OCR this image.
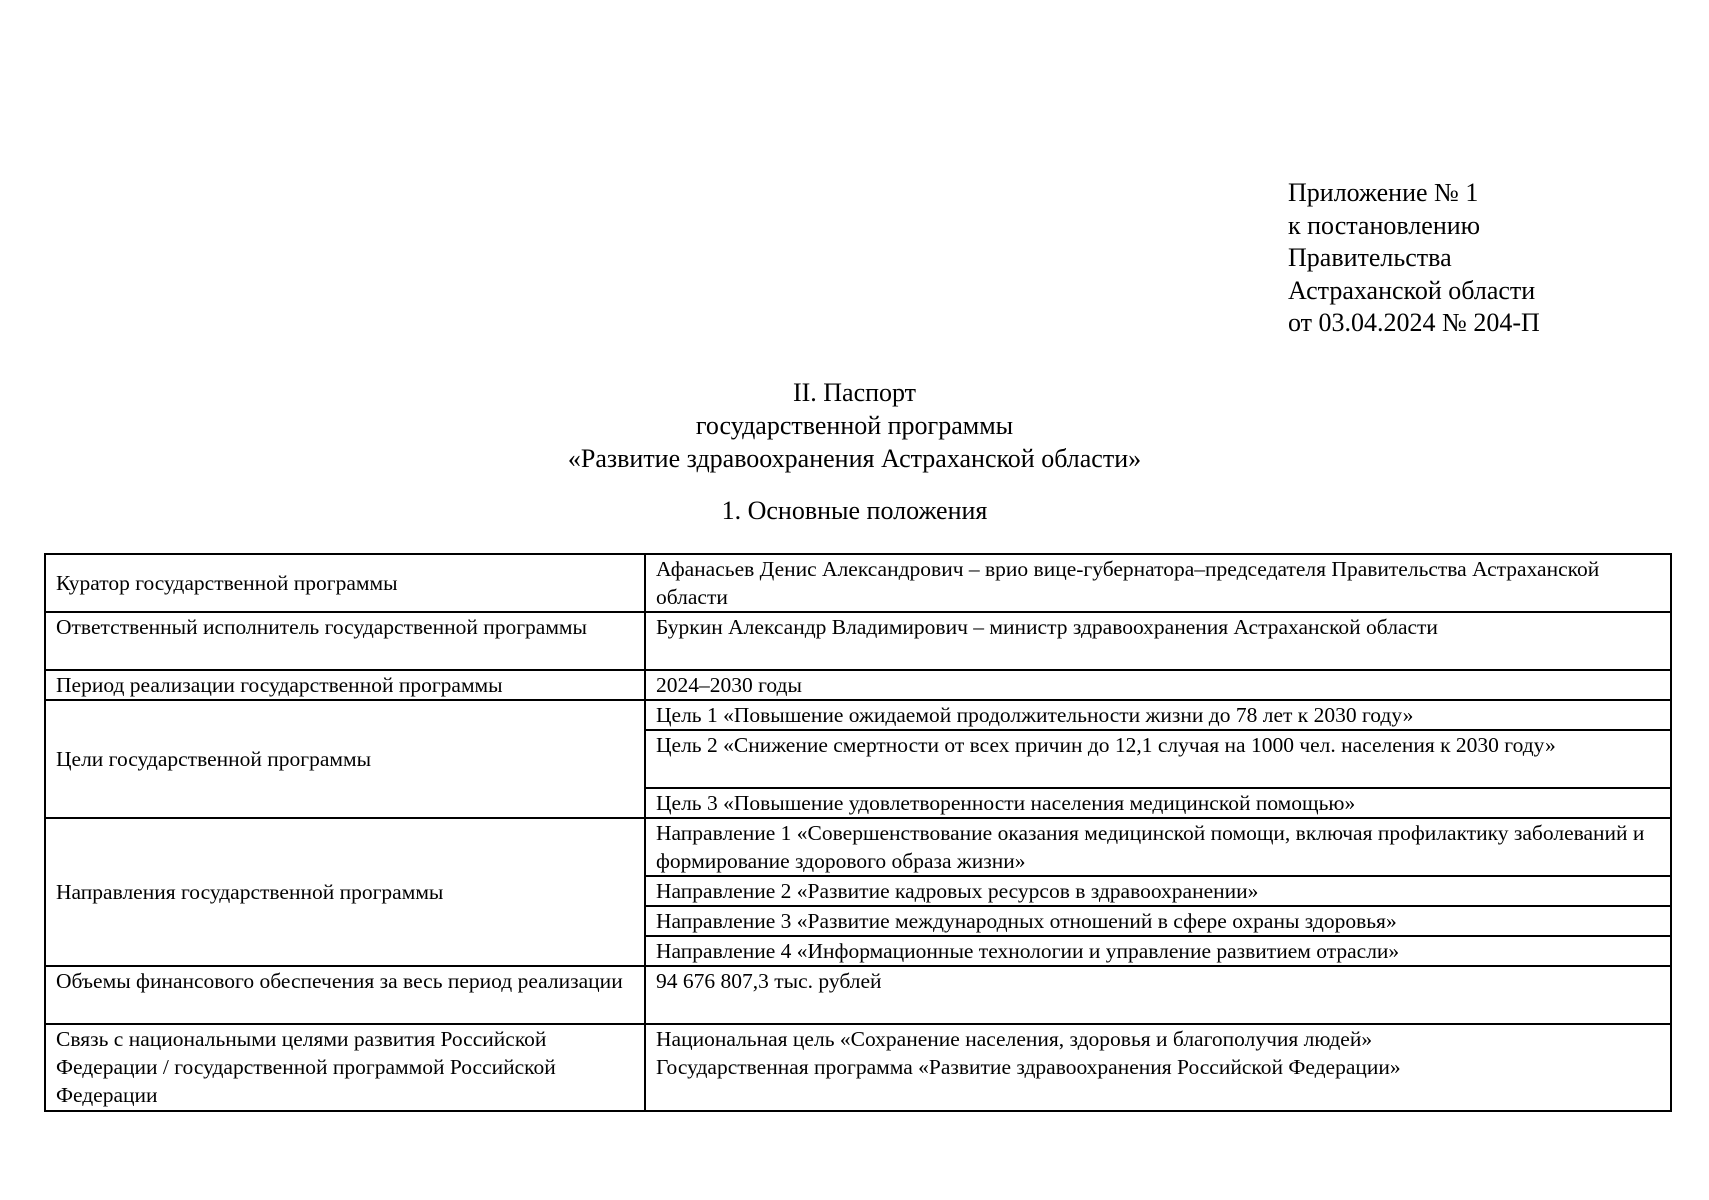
Приложение № 1
к постановлению
Правительства
Астраханской области
от 03.04.2024 № 204-П
II. Паспорт
государственной программы
«Развитие здравоохранения Астраханской области»
1. Основные положения
Куратор государственной программы	Афанасьев Денис Александрович – врио вице-губернатора–председателя Правительства Астраханской области
Ответственный исполнитель государственной программы	Буркин Александр Владимирович – министр здравоохранения Астраханской области
Период реализации государственной программы	2024–2030 годы
Цели государственной программы	Цель 1 «Повышение ожидаемой продолжительности жизни до 78 лет к 2030 году»
	Цель 2 «Снижение смертности от всех причин до 12,1 случая на 1000 чел. населения к 2030 году»
	Цель 3 «Повышение удовлетворенности населения медицинской помощью»
Направления государственной программы	Направление 1 «Совершенствование оказания медицинской помощи, включая профилактику заболеваний и формирование здорового образа жизни»
	Направление 2 «Развитие кадровых ресурсов в здравоохранении»
	Направление 3 «Развитие международных отношений в сфере охраны здоровья»
	Направление 4 «Информационные технологии и управление развитием отрасли»
Объемы финансового обеспечения за весь период реализации	94 676 807,3 тыс. рублей
Связь с национальными целями развития Российской Федерации / государственной программой Российской Федерации	Национальная цель «Сохранение населения, здоровья и благополучия людей»
Государственная программа «Развитие здравоохранения Российской Федерации»
